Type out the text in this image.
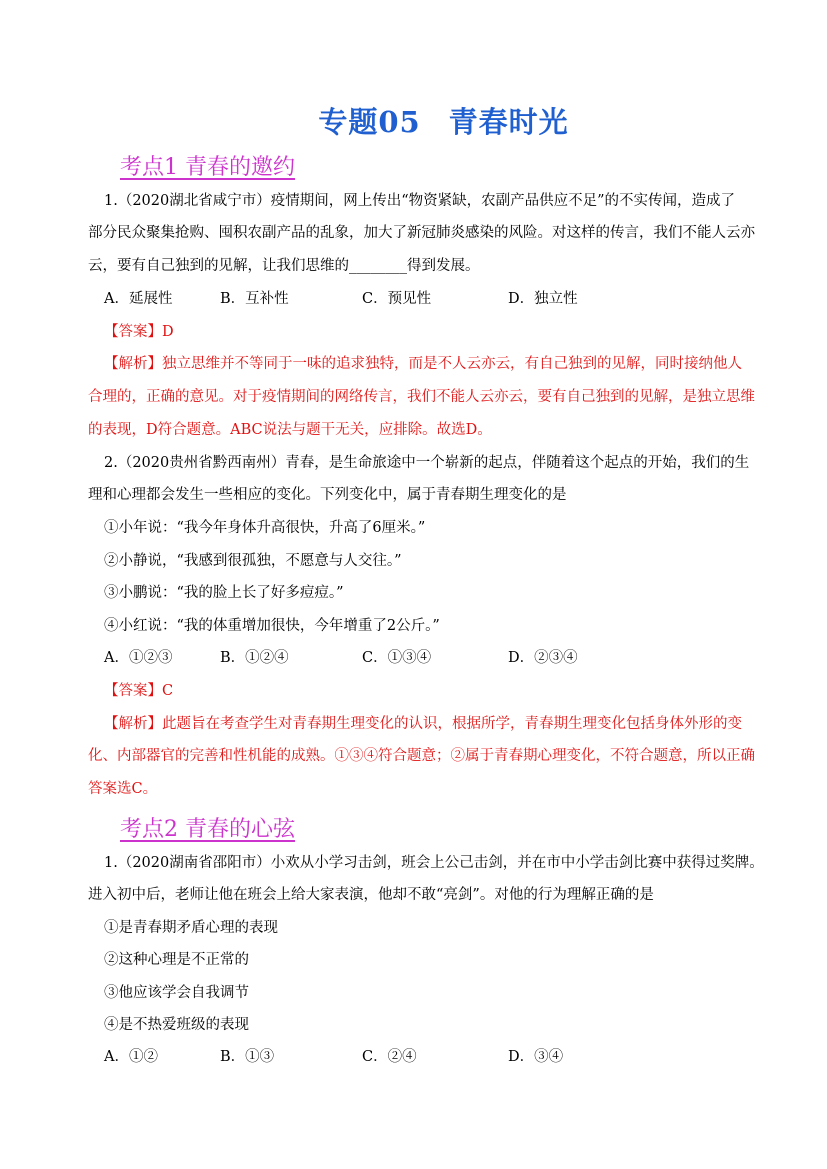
专题05 青春时光
考点1 青春的邀约
1.（2020湖北省咸宁市）疫情期间，网上传出“物资紧缺，农副产品供应不足”的不实传闻，造成了
部分民众聚集抢购、囤积农副产品的乱象，加大了新冠肺炎感染的风险。对这样的传言，我们不能人云亦
云，要有自己独到的见解，让我们思维的________得到发展。
A．延展性	B．互补性	C．预见性	D．独立性
【答案】D
【解析】独立思维并不等同于一味的追求独特，而是不人云亦云，有自己独到的见解，同时接纳他人
合理的，正确的意见。对于疫情期间的网络传言，我们不能人云亦云，要有自己独到的见解，是独立思维
的表现，D符合题意。ABC说法与题干无关，应排除。故选D。
2.（2020贵州省黔西南州）青春，是生命旅途中一个崭新的起点，伴随着这个起点的开始，我们的生
理和心理都会发生一些相应的变化。下列变化中，属于青春期生理变化的是
①小年说：“我今年身体升高很快，升高了6厘米。”
②小静说，“我感到很孤独，不愿意与人交往。”
③小鹏说：“我的脸上长了好多痘痘。”
④小红说：“我的体重增加很快，今年增重了2公斤。”
A．①②③	B．①②④	C．①③④	D．②③④
【答案】C
【解析】此题旨在考查学生对青春期生理变化的认识，根据所学，青春期生理变化包括身体外形的变
化、内部器官的完善和性机能的成熟。①③④符合题意；②属于青春期心理变化，不符合题意，所以正确
答案选C。
考点2 青春的心弦
1.（2020湖南省邵阳市）小欢从小学习击剑，班会上公己击剑，并在市中小学击剑比赛中获得过奖牌。
进入初中后，老师让他在班会上给大家表演，他却不敢“亮剑”。对他的行为理解正确的是
①是青春期矛盾心理的表现
②这种心理是不正常的
③他应该学会自我调节
④是不热爱班级的表现
A．①②	B．①③	C．②④	D．③④
